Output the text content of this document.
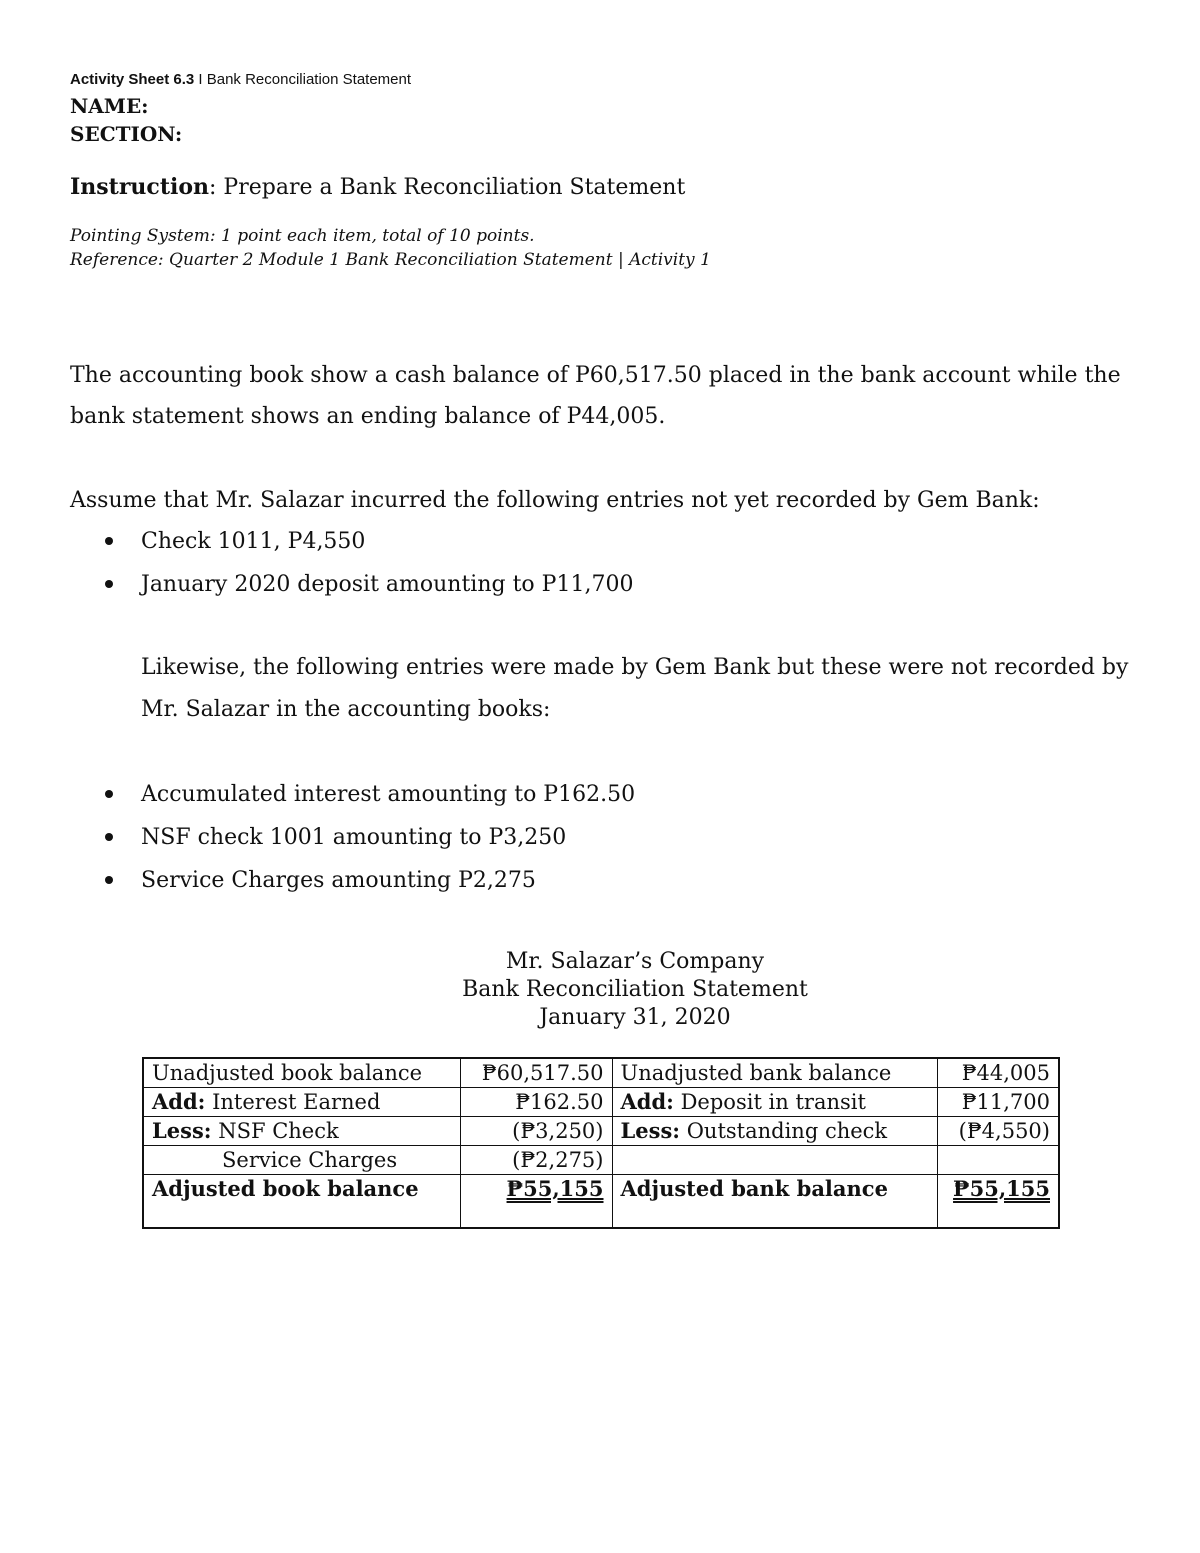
Activity Sheet 6.3 I Bank Reconciliation Statement
NAME:
SECTION:
Instruction: Prepare a Bank Reconciliation Statement
Pointing System: 1 point each item, total of 10 points.
Reference: Quarter 2 Module 1 Bank Reconciliation Statement | Activity 1
The accounting book show a cash balance of P60,517.50 placed in the bank account while the bank statement shows an ending balance of P44,005.
Assume that Mr. Salazar incurred the following entries not yet recorded by Gem Bank:
Check 1011, P4,550
January 2020 deposit amounting to P11,700
Likewise, the following entries were made by Gem Bank but these were not recorded by Mr. Salazar in the accounting books:
Accumulated interest amounting to P162.50
NSF check 1001 amounting to P3,250
Service Charges amounting P2,275
Mr. Salazar’s Company
Bank Reconciliation Statement
January 31, 2020
Unadjusted book balance	₱60,517.50	Unadjusted bank balance	₱44,005
Add: Interest Earned	₱162.50	Add: Deposit in transit	₱11,700
Less: NSF Check	(₱3,250)	Less: Outstanding check	(₱4,550)
Service Charges	(₱2,275)		
Adjusted book balance	₱55,155	Adjusted bank balance	₱55,155
